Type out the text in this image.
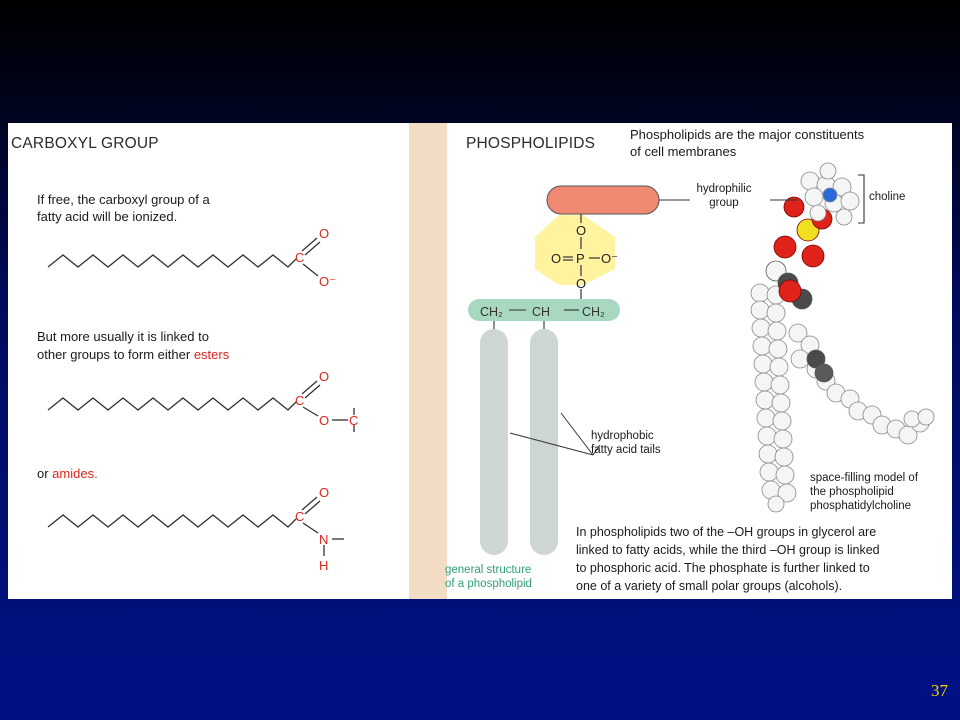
CARBOXYL GROUP

If free, the carboxyl group of a

fatty acid will be ionized.

C
O
O⁻
C
O
O C
C
O
N
H

But more usually it is linked to

other groups to form either esters

or amides.

PHOSPHOLIPIDS

Phospholipids are the major constituents

of cell membranes

O
O P O⁻
O
CH₂ CH	CH₂

hydrophilic
group	choline

hydrophobic

fatty acid tails

space-filling model of

the phospholipid

phosphatidylcholine

general structure

of a phospholipid

In phospholipids two of the –OH groups in glycerol are

linked to fatty acids, while the third –OH group is linked

to phosphoric acid. The phosphate is further linked to

one of a variety of small polar groups (alcohols).

37
